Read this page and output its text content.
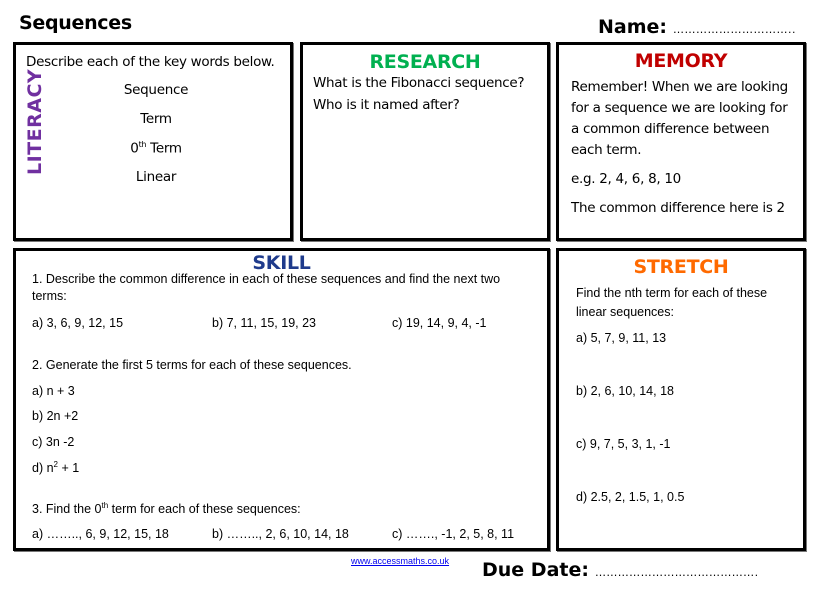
Sequences	Name: …………………………..
Describe each of the key words below.
LITERACY	Sequence
Term
0th Term
Linear
RESEARCH
What is the Fibonacci sequence?
Who is it named after?
MEMORY
Remember! When we are looking
for a sequence we are looking for
a common difference between
each term.
e.g. 2, 4, 6, 8, 10
The common difference here is 2
SKILL
1. Describe the common difference in each of these sequences and find the next two
terms:
a) 3, 6, 9, 12, 15	b) 7, 11, 15, 19, 23	c) 19, 14, 9, 4, -1
2. Generate the first 5 terms for each of these sequences.
a) n + 3
b) 2n +2
c) 3n -2
d) $n^2 + 1$
3. Find the 0th term for each of these sequences:
a) …….., 6, 9, 12, 15, 18	b) …….., 2, 6, 10, 14, 18	c) ……., -1, 2, 5, 8, 11
STRETCH
Find the nth term for each of these
linear sequences:
a) 5, 7, 9, 11, 13
b) 2, 6, 10, 14, 18
c) 9, 7, 5, 3, 1, -1
d) 2.5, 2, 1.5, 1, 0.5
www.accessmaths.co.uk Due Date: …………………………………….
